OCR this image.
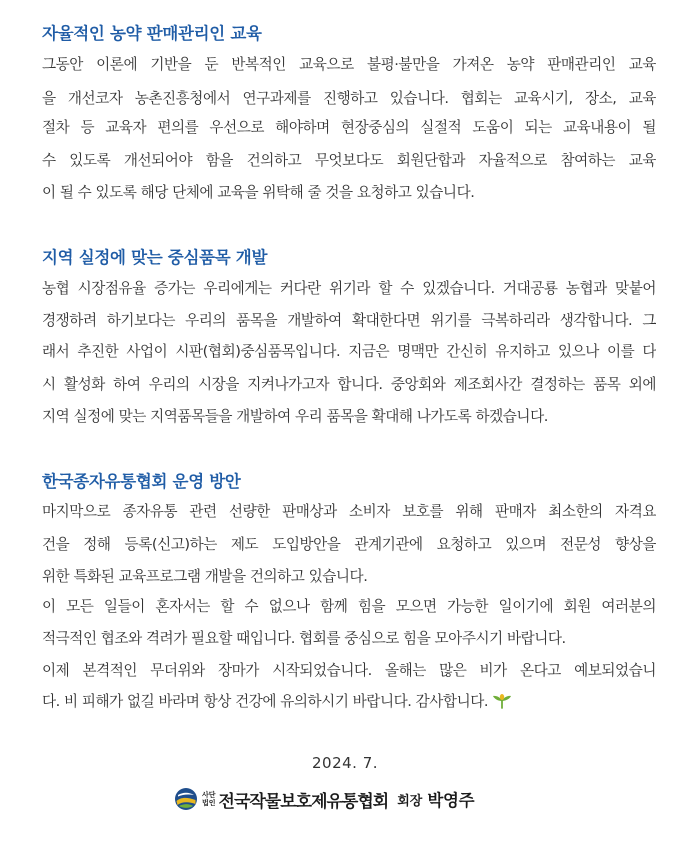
자율적인 농약 판매관리인 교육
그동안 이론에 기반을 둔 반복적인 교육으로 불평·불만을 가져온 농약 판매관리인 교육
을 개선코자 농촌진흥청에서 연구과제를 진행하고 있습니다. 협회는 교육시기, 장소, 교육
절차 등 교육자 편의를 우선으로 해야하며 현장중심의 실절적 도움이 되는 교육내용이 될
수 있도록 개선되어야 함을 건의하고 무엇보다도 회원단합과 자율적으로 참여하는 교육
이 될 수 있도록 해당 단체에 교육을 위탁해 줄 것을 요청하고 있습니다.
지역 실정에 맞는 중심품목 개발
농협 시장점유율 증가는 우리에게는 커다란 위기라 할 수 있겠습니다. 거대공룡 농협과 맞붙어
경쟁하려 하기보다는 우리의 품목을 개발하여 확대한다면 위기를 극복하리라 생각합니다. 그
래서 추진한 사업이 시판(협회)중심품목입니다. 지금은 명맥만 간신히 유지하고 있으나 이를 다
시 활성화 하여 우리의 시장을 지켜나가고자 합니다. 중앙회와 제조회사간 결정하는 품목 외에
지역 실정에 맞는 지역품목들을 개발하여 우리 품목을 확대해 나가도록 하겠습니다.
한국종자유통협회 운영 방안
마지막으로 종자유통 관련 선량한 판매상과 소비자 보호를 위해 판매자 최소한의 자격요
건을 정해 등록(신고)하는 제도 도입방안을 관계기관에 요청하고 있으며 전문성 향상을
위한 특화된 교육프로그램 개발을 건의하고 있습니다.
이 모든 일들이 혼자서는 할 수 없으나 함께 힘을 모으면 가능한 일이기에 회원 여러분의
적극적인 협조와 격려가 필요할 때입니다. 협회를 중심으로 힘을 모아주시기 바랍니다.
이제 본격적인 무더위와 장마가 시작되었습니다. 올해는 많은 비가 온다고 예보되었습니
다. 비 피해가 없길 바라며 항상 건강에 유의하시기 바랍니다. 감사합니다.
2024. 7.
사단
법인 전국작물보호제유통협회 회장 박영주
